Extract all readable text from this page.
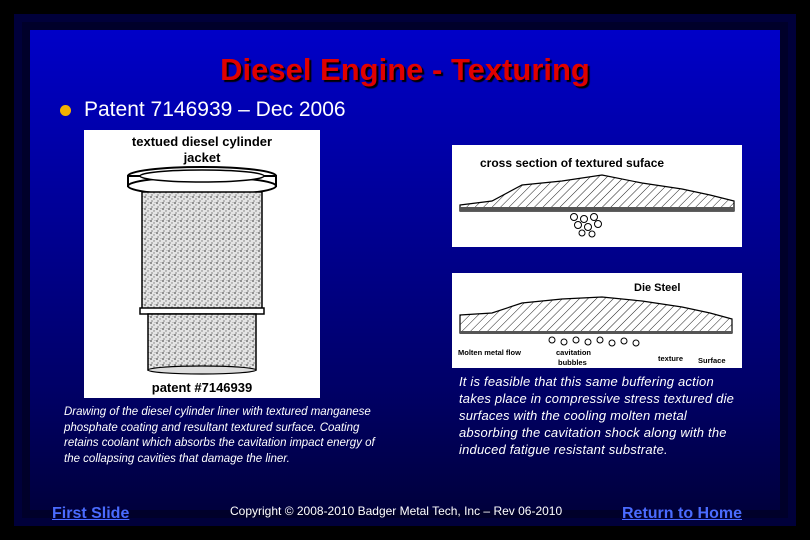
Diesel Engine - Texturing
Patent 7146939 – Dec 2006
textued diesel cylinder
jacket
patent #7146939
Drawing of the diesel cylinder liner with textured manganese phosphate coating and resultant textured surface. Coating retains coolant which absorbs the cavitation impact energy of the collapsing cavities that damage the liner.
cross section of textured suface
Die Steel
Molten metal flow	cavitation
bubbles	texture Surface
It is feasible that this same buffering action takes place in compressive stress textured die surfaces with the cooling molten metal absorbing the cavitation shock along with the induced fatigue resistant substrate.
First Slide	Copyright © 2008-2010 Badger Metal Tech, Inc – Rev 06-2010	Return to Home
